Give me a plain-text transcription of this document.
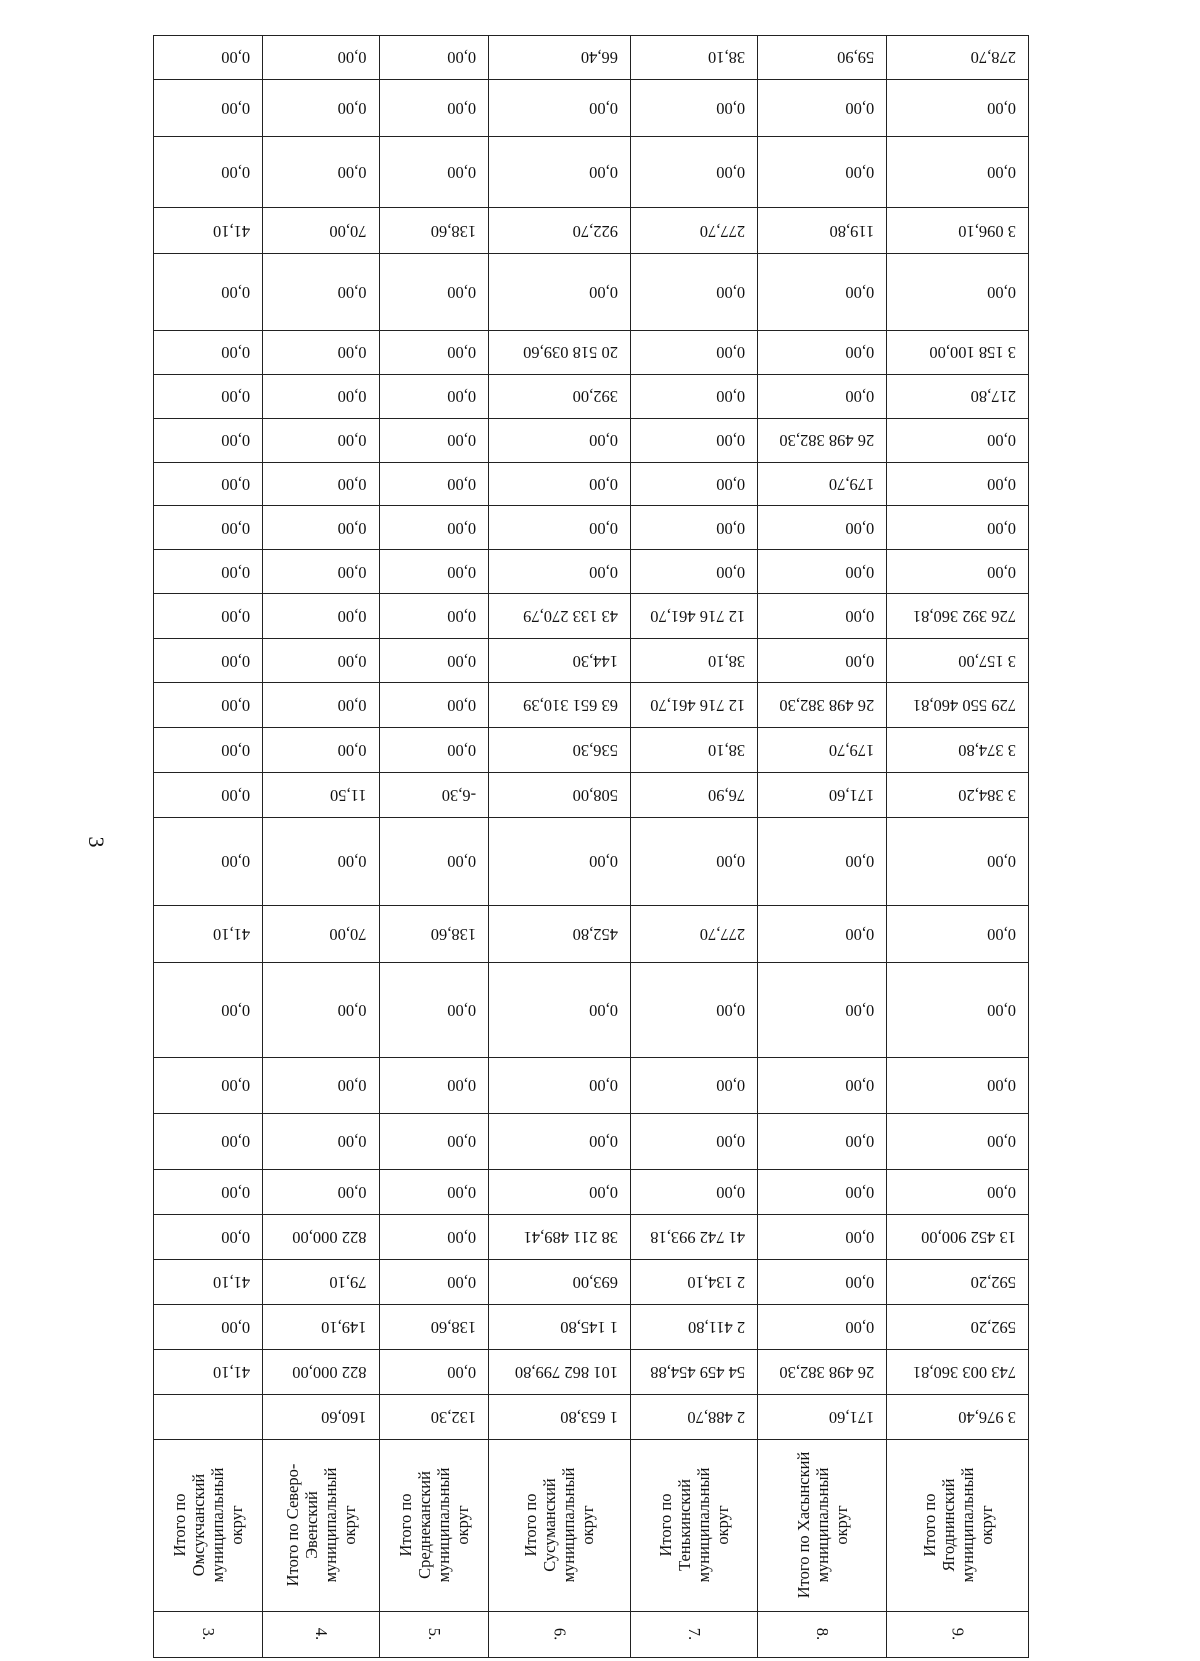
3
0,00	0,00	0,00	66,40	38,10	59,90	278,70

0,00	0,00	0,00	0,00	0,00	0,00	0,00

0,00	0,00	0,00	0,00	0,00	0,00	0,00

41,10	70,00	138,60	922,70	277,70	119,80	3 096,10

0,00	0,00	0,00	0,00	0,00	0,00	0,00

0,00	0,00	0,00	20 518 039,60	0,00	0,00	3 158 100,00

0,00	0,00	0,00	392,00	0,00	0,00	217,80

0,00	0,00	0,00	0,00	0,00	26 498 382,30	0,00

0,00	0,00	0,00	0,00	0,00	179,70	0,00

0,00	0,00	0,00	0,00	0,00	0,00	0,00

0,00	0,00	0,00	0,00	0,00	0,00	0,00

0,00	0,00	0,00	43 133 270,79	12 716 461,70	0,00	726 392 360,81

0,00	0,00	0,00	144,30	38,10	0,00	3 157,00

0,00	0,00	0,00	63 651 310,39	12 716 461,70	26 498 382,30	729 550 460,81

0,00	0,00	0,00	536,30	38,10	179,70	3 374,80

0,00	11,50	-6,30	508,00	76,90	171,60	3 384,20

0,00	0,00	0,00	0,00	0,00	0,00	0,00

41,10	70,00	138,60	452,80	277,70	0,00	0,00

0,00	0,00	0,00	0,00	0,00	0,00	0,00

0,00	0,00	0,00	0,00	0,00	0,00	0,00

0,00	0,00	0,00	0,00	0,00	0,00	0,00

0,00	0,00	0,00	0,00	0,00	0,00	0,00

0,00	822 000,00	0,00	38 211 489,41	41 742 993,18	0,00	13 452 900,00

41,10	79,10	0,00	693,00	2 134,10	0,00	592,20

0,00	149,10	138,60	1 145,80	2 411,80	0,00	592,20

41,10	822 000,00	0,00	101 862 799,80	54 459 454,88	26 498 382,30	743 003 360,81

	160,60	132,30	1 653,80	2 488,70	171,60	3 976,40

Итого по Омсукчанский муниципальный округ	Итого по Северо-Эвенский муниципальный округ	Итого по Среднеканский муниципальный округ	Итого по Сусуманский муниципальный округ	Итого по Тенькинский муниципальный округ	Итого по Хасынский муниципальный округ	Итого по Ягоднинский муниципальный округ

3.	4.	5.	6.	7.	8.	9.
